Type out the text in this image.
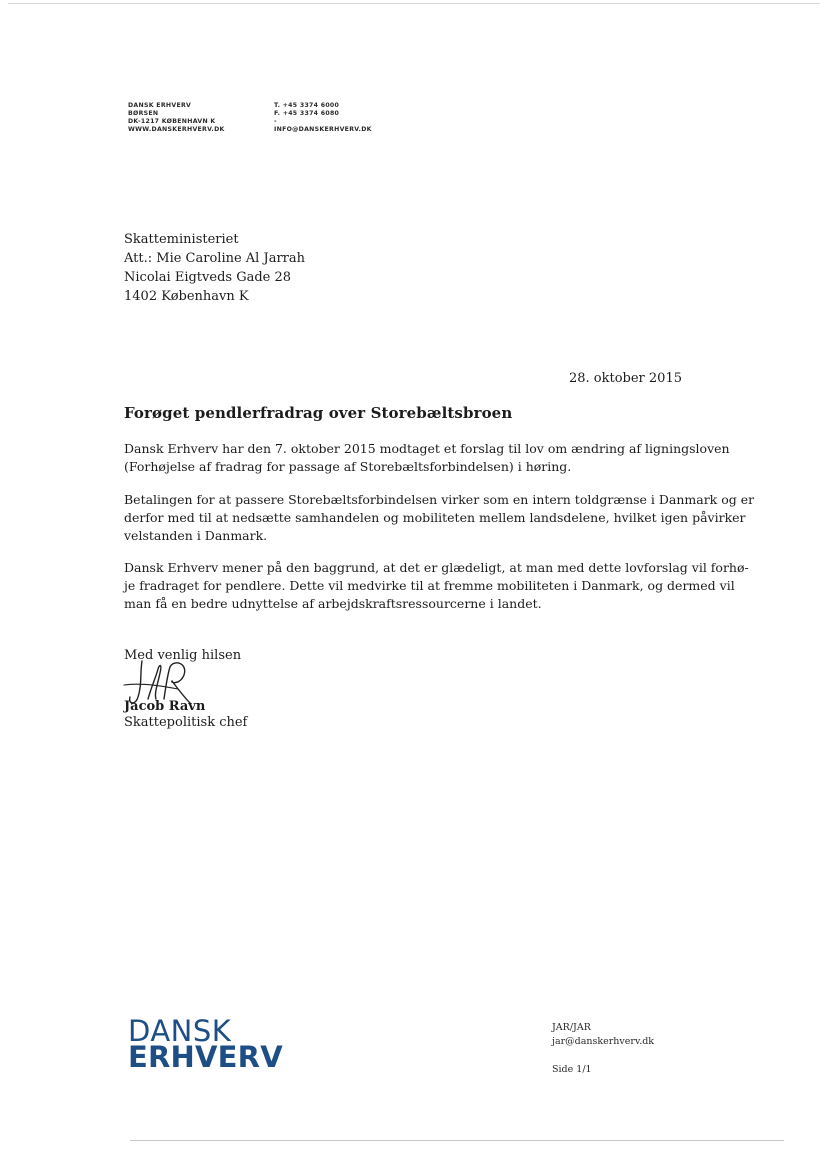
DANSK ERHVERV
BØRSEN
DK-1217 KØBENHAVN K
WWW.DANSKERHVERV.DK
T. +45 3374 6000
F. +45 3374 6080
-
INFO@DANSKERHVERV.DK
Skatteministeriet
Att.: Mie Caroline Al Jarrah
Nicolai Eigtveds Gade 28
1402 København K
28. oktober 2015
Forøget pendlerfradrag over Storebæltsbroen
Dansk Erhverv har den 7. oktober 2015 modtaget et forslag til lov om ændring af ligningsloven
(Forhøjelse af fradrag for passage af Storebæltsforbindelsen) i høring.
Betalingen for at passere Storebæltsforbindelsen virker som en intern toldgrænse i Danmark og er
derfor med til at nedsætte samhandelen og mobiliteten mellem landsdelene, hvilket igen påvirker
velstanden i Danmark.
Dansk Erhverv mener på den baggrund, at det er glædeligt, at man med dette lovforslag vil forhø-
je fradraget for pendlere. Dette vil medvirke til at fremme mobiliteten i Danmark, og dermed vil
man få en bedre udnyttelse af arbejdskraftsressourcerne i landet.
Med venlig hilsen
Jacob Ravn
Skattepolitisk chef
DANSK
ERHVERV
JAR/JAR
jar@danskerhverv.dk
Side 1/1
